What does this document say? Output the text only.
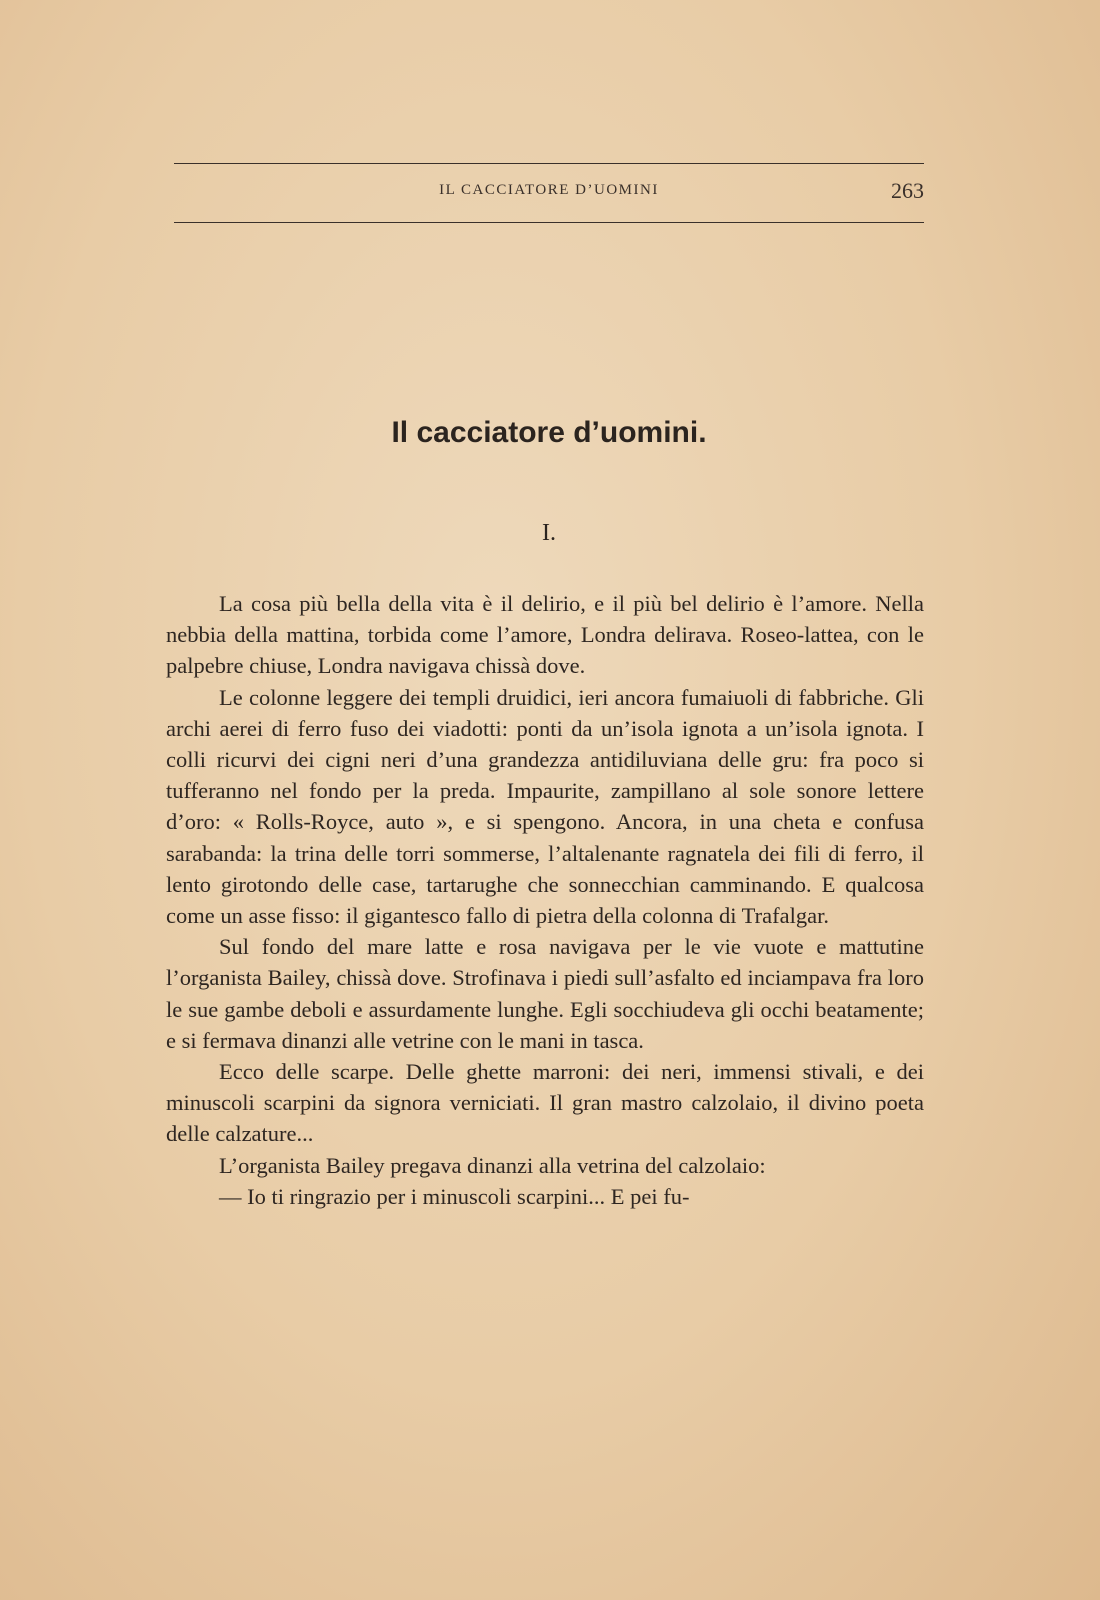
IL CACCIATORE D’UOMINI	263
Il cacciatore d’uomini.
I.

La cosa più bella della vita è il delirio, e il più bel delirio è l’amore. Nella nebbia della mattina, torbida come l’amore, Londra delirava. Roseo-lattea, con le palpebre chiuse, Londra navigava chissà dove.

Le colonne leggere dei templi druidici, ieri ancora fumaiuoli di fabbriche. Gli archi aerei di ferro fuso dei viadotti: ponti da un’isola ignota a un’isola ignota. I colli ricurvi dei cigni neri d’una grandezza antidiluviana delle gru: fra poco si tufferanno nel fondo per la preda. Impaurite, zampillano al sole sonore lettere d’oro: « Rolls-Royce, auto », e si spengono. Ancora, in una cheta e confusa sarabanda: la trina delle torri sommerse, l’altalenante ragnatela dei fili di ferro, il lento girotondo delle case, tartarughe che sonnecchian camminando. E qualcosa come un asse fisso: il gigantesco fallo di pietra della colonna di Trafalgar.

Sul fondo del mare latte e rosa navigava per le vie vuote e mattutine l’organista Bailey, chissà dove. Strofinava i piedi sull’asfalto ed inciampava fra loro le sue gambe deboli e assurdamente lunghe. Egli socchiudeva gli occhi beatamente; e si fermava dinanzi alle vetrine con le mani in tasca.

Ecco delle scarpe. Delle ghette marroni: dei neri, immensi stivali, e dei minuscoli scarpini da signora verniciati. Il gran mastro calzolaio, il divino poeta delle calzature...

L’organista Bailey pregava dinanzi alla vetrina del calzolaio:

— Io ti ringrazio per i minuscoli scarpini... E pei fu-
